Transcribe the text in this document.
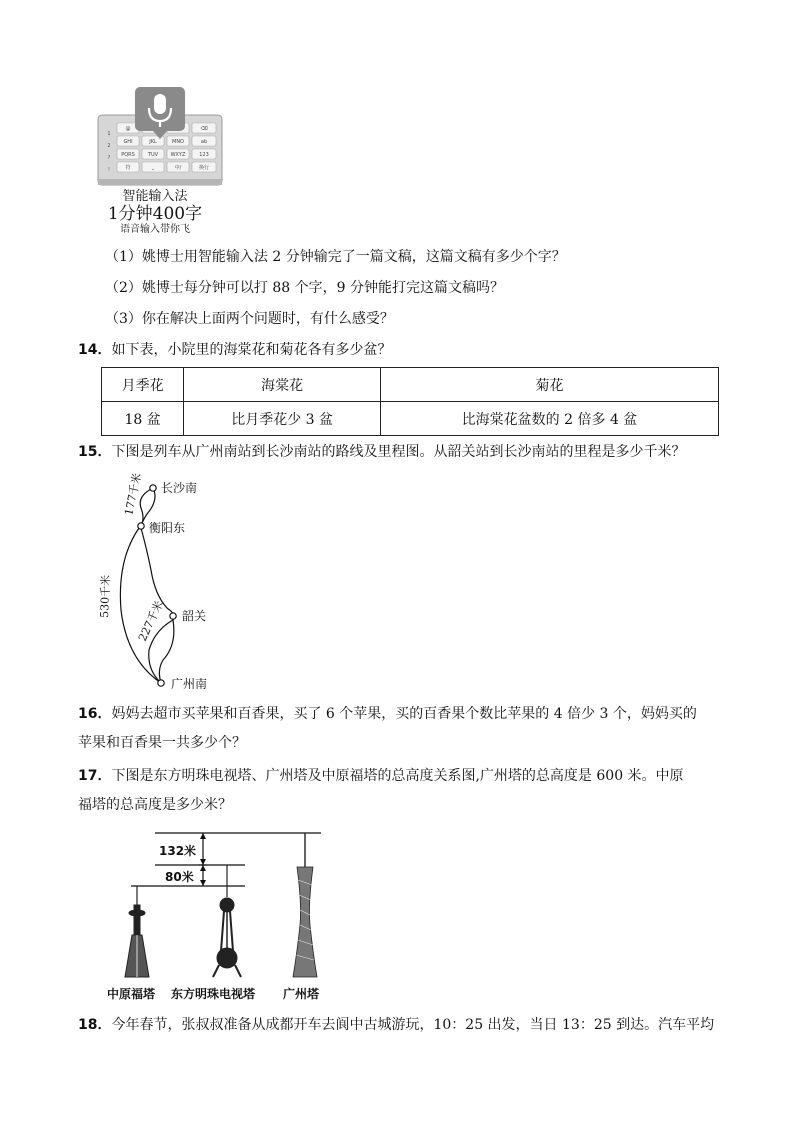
1
2
?
!
@	⌫
GHI	JKL	MNO	ab
PQRS	TUV	WXYZ	123
符	⎵	中/	换行
智能输入法
1分钟400字
语音输入带你飞
（1）姚博士用智能输入法 2 分钟输完了一篇文稿，这篇文稿有多少个字？
（2）姚博士每分钟可以打 88 个字，9 分钟能打完这篇文稿吗？
（3）你在解决上面两个问题时，有什么感受？
14．如下表，小院里的海棠花和菊花各有多少盆？
月季花	海棠花	菊花
18 盆	比月季花少 3 盆	比海棠花盆数的 2 倍多 4 盆
15．下图是列车从广州南站到长沙南站的路线及里程图。从韶关站到长沙南站的里程是多少千米？
长沙南
衡阳东
韶关
广州南
177千米
530千米
227千米
16．妈妈去超市买苹果和百香果，买了 6 个苹果，买的百香果个数比苹果的 4 倍少 3 个，妈妈买的
苹果和百香果一共多少个？
17．下图是东方明珠电视塔、广州塔及中原福塔的总高度关系图,广州塔的总高度是 600 米。中原
福塔的总高度是多少米？
132米
80米
中原福塔 东方明珠电视塔 广州塔
18．今年春节，张叔叔准备从成都开车去阆中古城游玩，10：25 出发，当日 13：25 到达。汽车平均
